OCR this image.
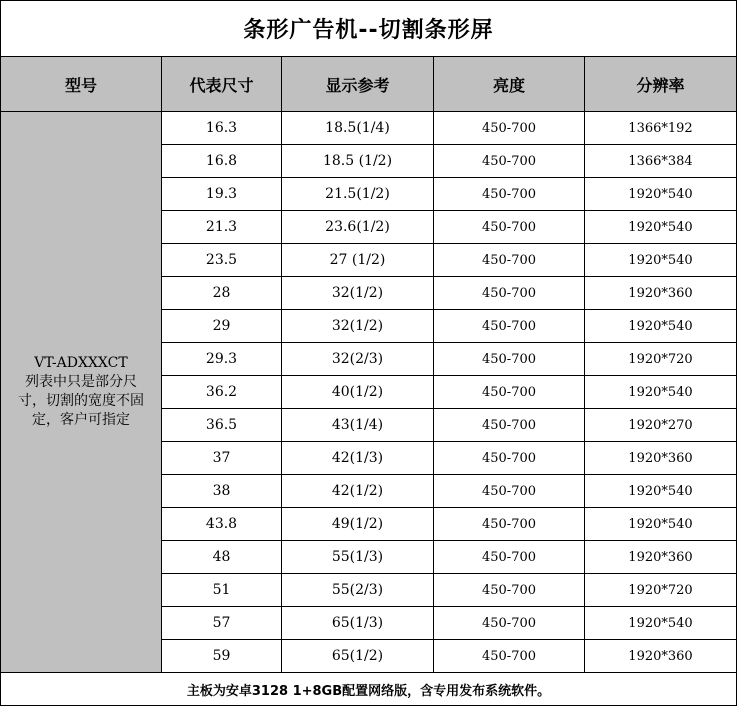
条形广告机--切割条形屏				
型号	代表尺寸	显示参考	亮度	分辨率

VT-ADXXXCT
列表中只是部分尺
寸，切割的宽度不固
定，客户可指定	16.3	18.5(1/4)	450-700	1366*192
	16.8	18.5 (1/2)	450-700	1366*384
	19.3	21.5(1/2)	450-700	1920*540
	21.3	23.6(1/2)	450-700	1920*540
	23.5	27 (1/2)	450-700	1920*540
	28	32(1/2)	450-700	1920*360
	29	32(1/2)	450-700	1920*540
	29.3	32(2/3)	450-700	1920*720
	36.2	40(1/2)	450-700	1920*540
	36.5	43(1/4)	450-700	1920*270
	37	42(1/3)	450-700	1920*360
	38	42(1/2)	450-700	1920*540
	43.8	49(1/2)	450-700	1920*540
	48	55(1/3)	450-700	1920*360
	51	55(2/3)	450-700	1920*720
	57	65(1/3)	450-700	1920*540
	59	65(1/2)	450-700	1920*360
主板为安卓3128 1+8GB配置网络版，含专用发布系统软件。				
